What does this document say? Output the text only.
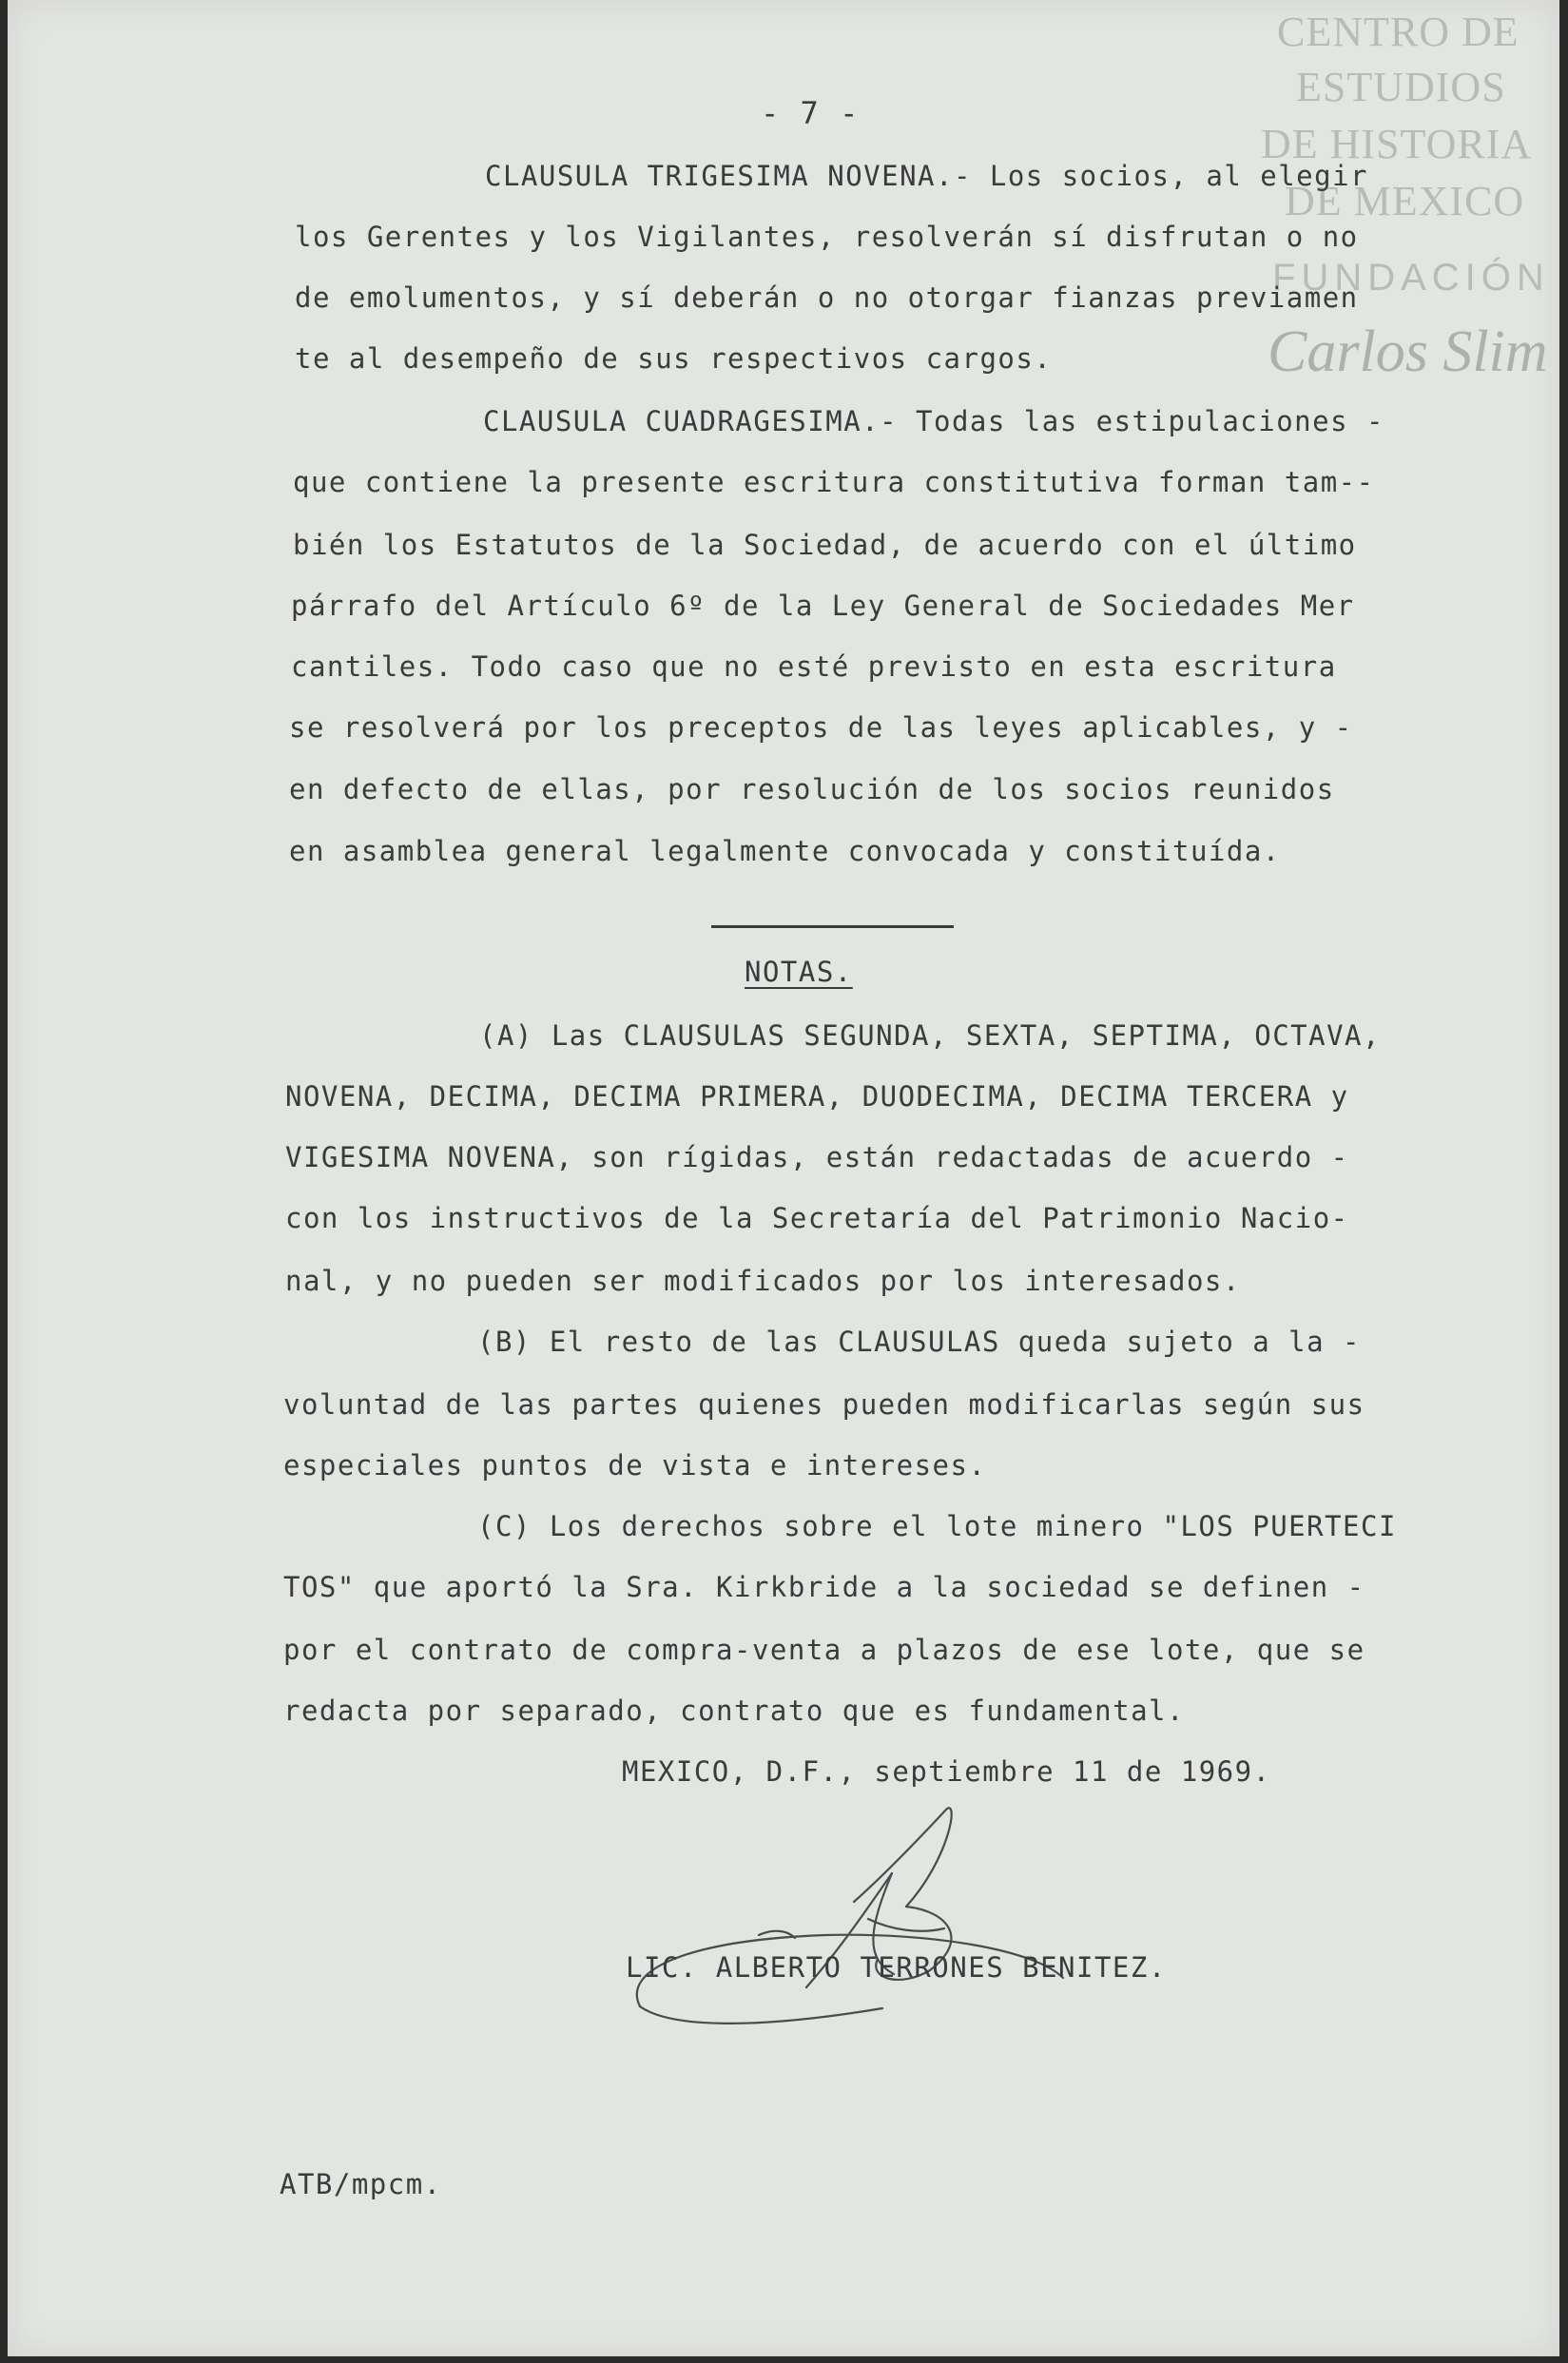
CENTRO DE
ESTUDIOS
DE HISTORIA
DE MEXICO
FUNDACIÓN
Carlos Slim
- 7 -
CLAUSULA TRIGESIMA NOVENA.- Los socios, al elegir
los Gerentes y los Vigilantes, resolverán sí disfrutan o no
de emolumentos, y sí deberán o no otorgar fianzas previamen
te al desempeño de sus respectivos cargos.
CLAUSULA CUADRAGESIMA.- Todas las estipulaciones -
que contiene la presente escritura constitutiva forman tam--
bién los Estatutos de la Sociedad, de acuerdo con el último
párrafo del Artículo 6º de la Ley General de Sociedades Mer
cantiles. Todo caso que no esté previsto en esta escritura
se resolverá por los preceptos de las leyes aplicables, y -
en defecto de ellas, por resolución de los socios reunidos
en asamblea general legalmente convocada y constituída.
NOTAS.
(A) Las CLAUSULAS SEGUNDA, SEXTA, SEPTIMA, OCTAVA,
NOVENA, DECIMA, DECIMA PRIMERA, DUODECIMA, DECIMA TERCERA y
VIGESIMA NOVENA, son rígidas, están redactadas de acuerdo -
con los instructivos de la Secretaría del Patrimonio Nacio-
nal, y no pueden ser modificados por los interesados.
(B) El resto de las CLAUSULAS queda sujeto a la -
voluntad de las partes quienes pueden modificarlas según sus
especiales puntos de vista e intereses.
(C) Los derechos sobre el lote minero "LOS PUERTECI
TOS" que aportó la Sra. Kirkbride a la sociedad se definen -
por el contrato de compra-venta a plazos de ese lote, que se
redacta por separado, contrato que es fundamental.
MEXICO, D.F., septiembre 11 de 1969.
LIC. ALBERTO TERRONES BENITEZ.
ATB/mpcm.
